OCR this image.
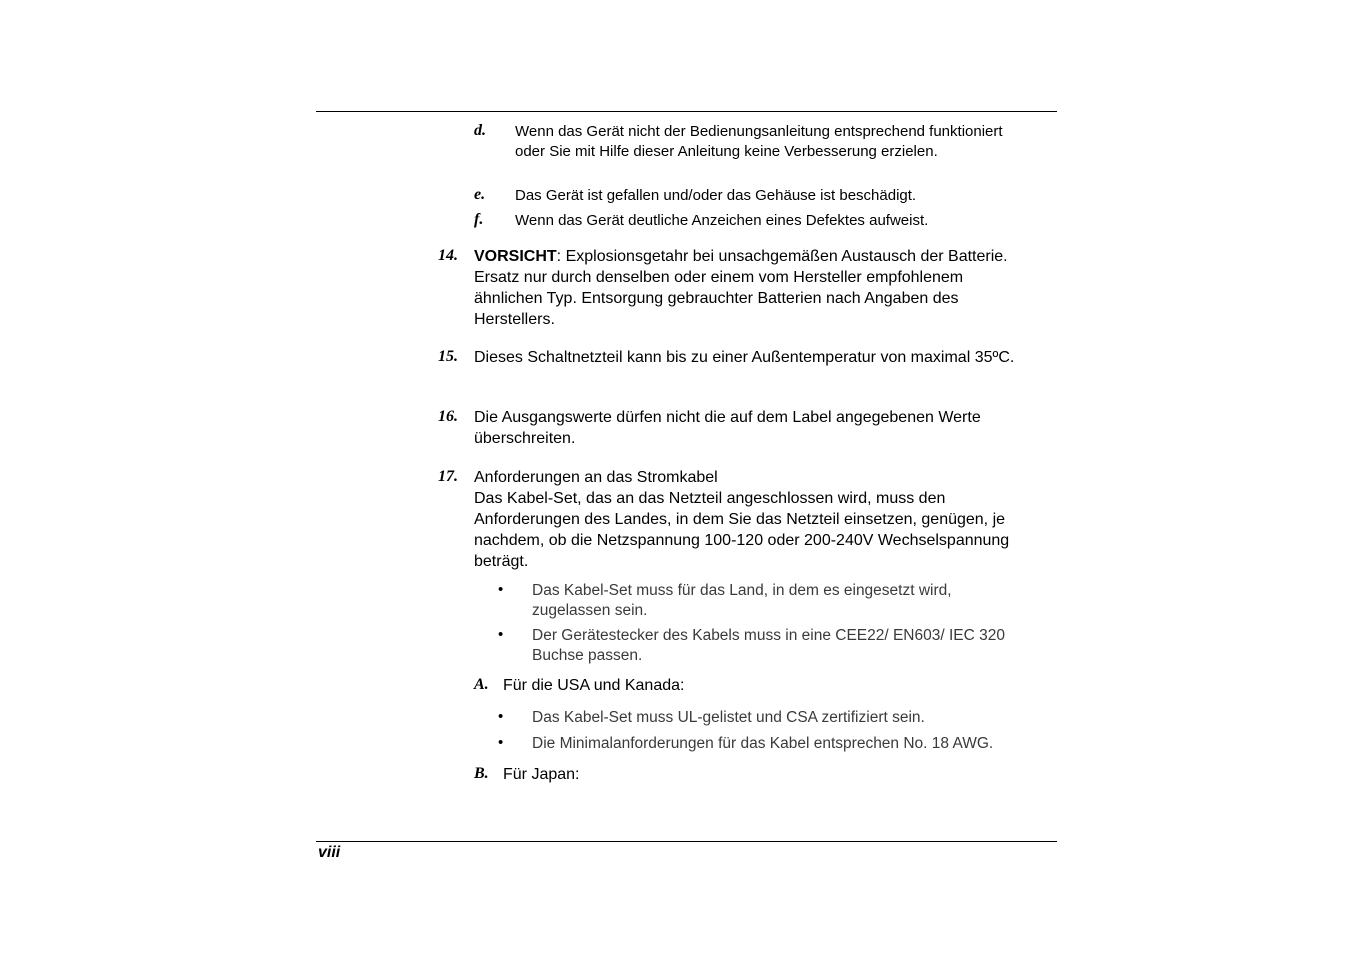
d. Wenn das Gerät nicht der Bedienungsanleitung entsprechend funktioniert oder Sie mit Hilfe dieser Anleitung keine Verbesserung erzielen.
e. Das Gerät ist gefallen und/oder das Gehäuse ist beschädigt.
f. Wenn das Gerät deutliche Anzeichen eines Defektes aufweist.
14. VORSICHT: Explosionsgetahr bei unsachgemäßen Austausch der Batterie. Ersatz nur durch denselben oder einem vom Hersteller empfohlenem ähnlichen Typ. Entsorgung gebrauchter Batterien nach Angaben des Herstellers.
15. Dieses Schaltnetzteil kann bis zu einer Außentemperatur von maximal 35ºC.
16. Die Ausgangswerte dürfen nicht die auf dem Label angegebenen Werte überschreiten.
17. Anforderungen an das Stromkabel
Das Kabel-Set, das an das Netzteil angeschlossen wird, muss den Anforderungen des Landes, in dem Sie das Netzteil einsetzen, genügen, je nachdem, ob die Netzspannung 100-120 oder 200-240V Wechselspannung beträgt.
• Das Kabel-Set muss für das Land, in dem es eingesetzt wird, zugelassen sein.
• Der Gerätestecker des Kabels muss in eine CEE22/ EN603/ IEC 320 Buchse passen.
A. Für die USA und Kanada:
• Das Kabel-Set muss UL-gelistet und CSA zertifiziert sein.
• Die Minimalanforderungen für das Kabel entsprechen No. 18 AWG.
B. Für Japan:
viii
